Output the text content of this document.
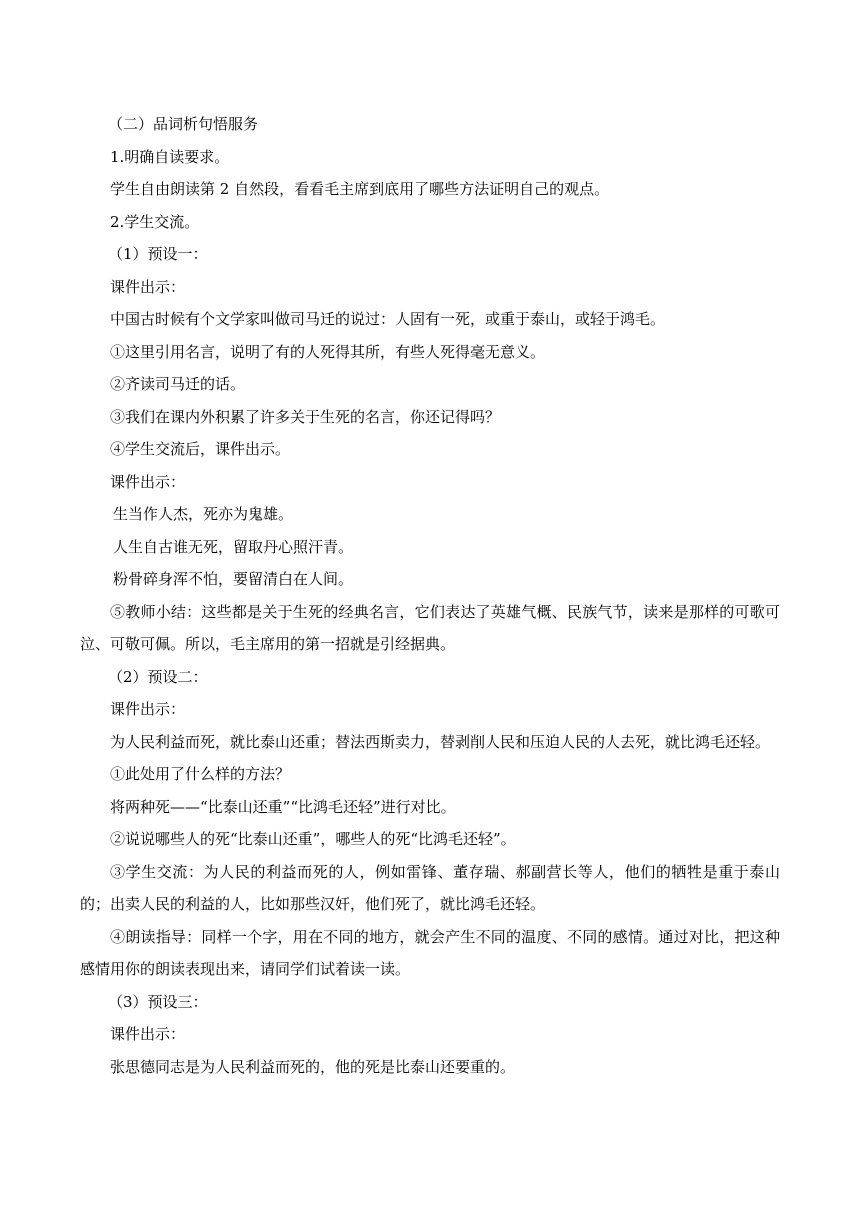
（二）品词析句悟服务
1.明确自读要求。
学生自由朗读第 2 自然段，看看毛主席到底用了哪些方法证明自己的观点。
2.学生交流。
（1）预设一：
课件出示：
中国古时候有个文学家叫做司马迁的说过：人固有一死，或重于泰山，或轻于鸿毛。
①这里引用名言，说明了有的人死得其所，有些人死得毫无意义。
②齐读司马迁的话。
③我们在课内外积累了许多关于生死的名言，你还记得吗？
④学生交流后，课件出示。
课件出示：
生当作人杰，死亦为鬼雄。
人生自古谁无死，留取丹心照汗青。
粉骨碎身浑不怕，要留清白在人间。
⑤教师小结：这些都是关于生死的经典名言，它们表达了英雄气概、民族气节，读来是那样的可歌可泣、可敬可佩。所以，毛主席用的第一招就是引经据典。
（2）预设二：
课件出示：
为人民利益而死，就比泰山还重；替法西斯卖力，替剥削人民和压迫人民的人去死，就比鸿毛还轻。
①此处用了什么样的方法？
将两种死——“比泰山还重”“比鸿毛还轻”进行对比。
②说说哪些人的死“比泰山还重”，哪些人的死“比鸿毛还轻”。
③学生交流：为人民的利益而死的人，例如雷锋、董存瑞、郝副营长等人，他们的牺牲是重于泰山的；出卖人民的利益的人，比如那些汉奸，他们死了，就比鸿毛还轻。
④朗读指导：同样一个字，用在不同的地方，就会产生不同的温度、不同的感情。通过对比，把这种感情用你的朗读表现出来，请同学们试着读一读。
（3）预设三：
课件出示：
张思德同志是为人民利益而死的，他的死是比泰山还要重的。
